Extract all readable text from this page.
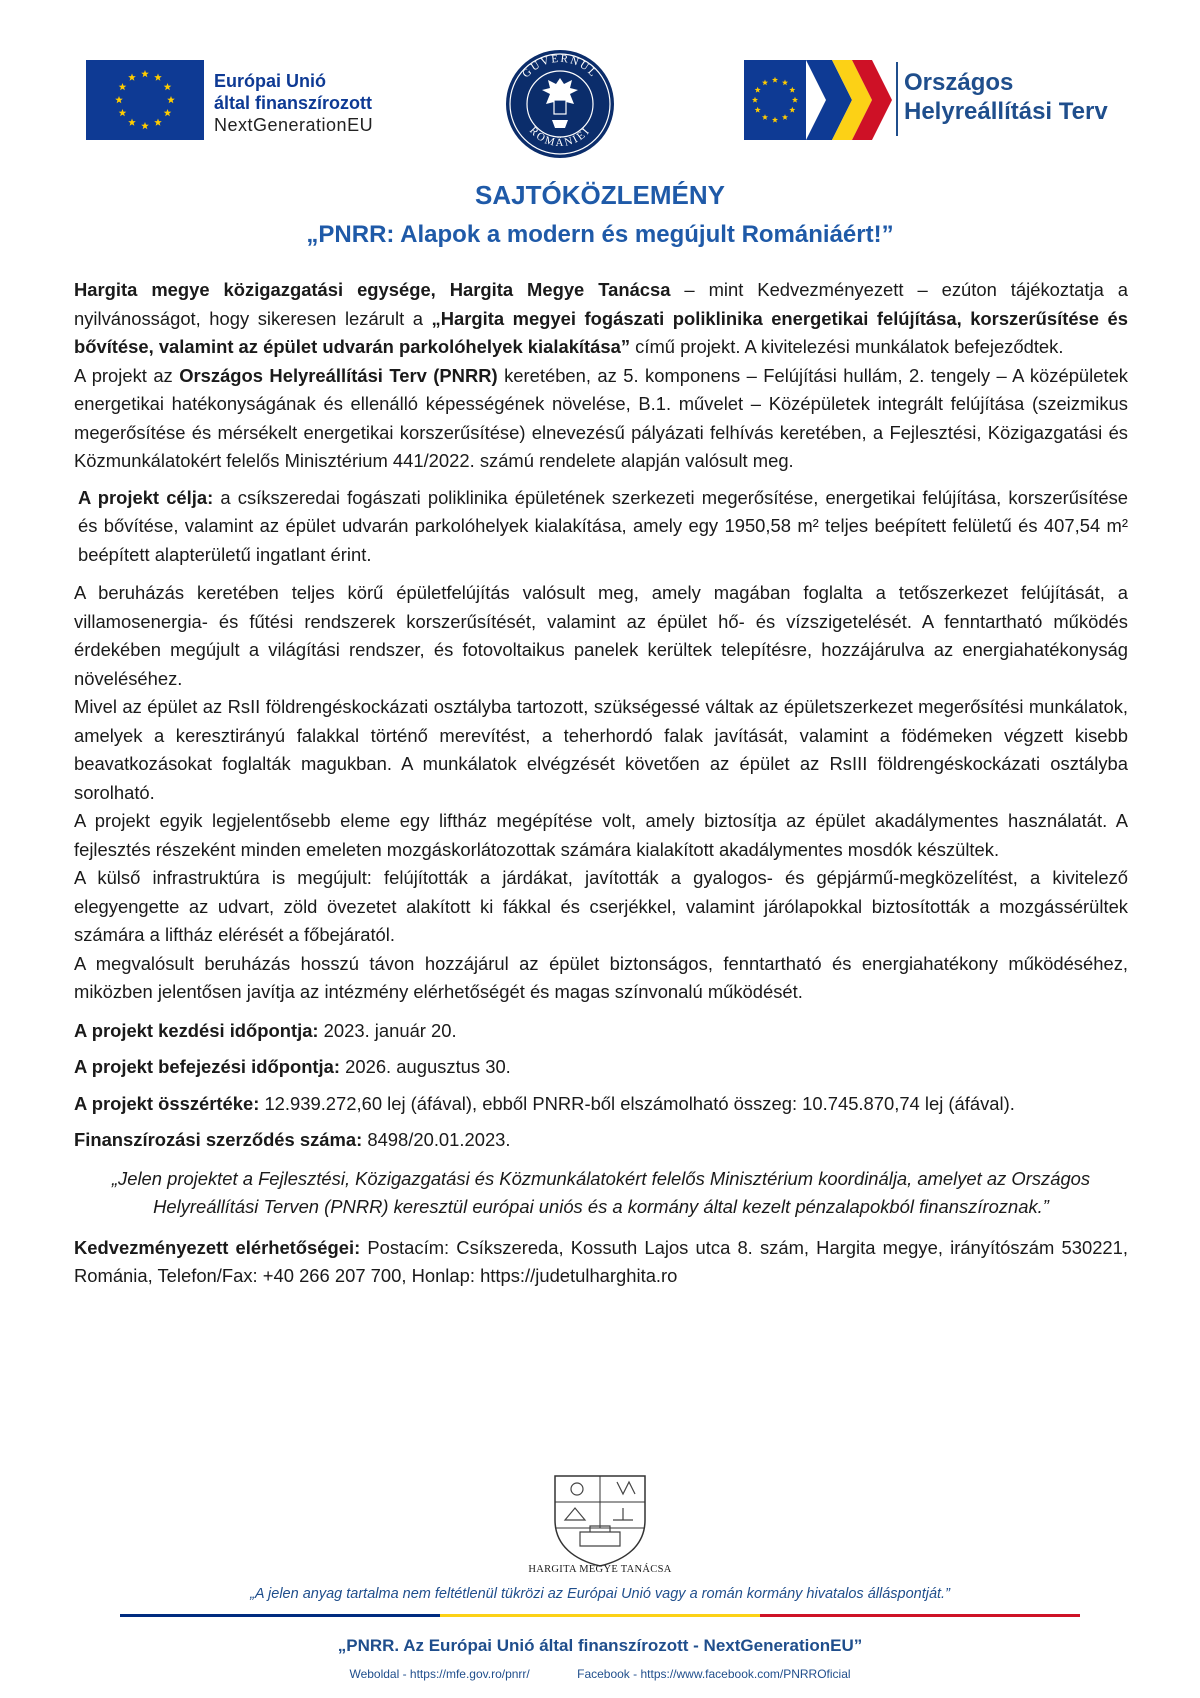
Európai Unió
által finanszírozott
NextGenerationEU
GUVERNUL
ROMÂNIEI
Országos
Helyreállítási Terv
SAJTÓKÖZLEMÉNY
„PNRR: Alapok a modern és megújult Romániáért!”

Hargita megye közigazgatási egysége, Hargita Megye Tanácsa – mint Kedvezményezett – ezúton tájékoztatja a nyilvánosságot, hogy sikeresen lezárult a „Hargita megyei fogászati poliklinika energetikai felújítása, korszerűsítése és bővítése, valamint az épület udvarán parkolóhelyek kialakítása” című projekt. A kivitelezési munkálatok befejeződtek.

A projekt az Országos Helyreállítási Terv (PNRR) keretében, az 5. komponens – Felújítási hullám, 2. tengely – A középületek energetikai hatékonyságának és ellenálló képességének növelése, B.1. művelet – Középületek integrált felújítása (szeizmikus megerősítése és mérsékelt energetikai korszerűsítése) elnevezésű pályázati felhívás keretében, a Fejlesztési, Közigazgatási és Közmunkálatokért felelős Minisztérium 441/2022. számú rendelete alapján valósult meg.

A projekt célja: a csíkszeredai fogászati poliklinika épületének szerkezeti megerősítése, energetikai felújítása, korszerűsítése és bővítése, valamint az épület udvarán parkolóhelyek kialakítása, amely egy 1950,58 m² teljes beépített felületű és 407,54 m² beépített alapterületű ingatlant érint.

A beruházás keretében teljes körű épületfelújítás valósult meg, amely magában foglalta a tetőszerkezet felújítását, a villamosenergia- és fűtési rendszerek korszerűsítését, valamint az épület hő- és vízszigetelését. A fenntartható működés érdekében megújult a világítási rendszer, és fotovoltaikus panelek kerültek telepítésre, hozzájárulva az energiahatékonyság növeléséhez.

Mivel az épület az RsII földrengéskockázati osztályba tartozott, szükségessé váltak az épületszerkezet megerősítési munkálatok, amelyek a keresztirányú falakkal történő merevítést, a teherhordó falak javítását, valamint a födémeken végzett kisebb beavatkozásokat foglalták magukban. A munkálatok elvégzését követően az épület az RsIII földrengéskockázati osztályba sorolható.

A projekt egyik legjelentősebb eleme egy liftház megépítése volt, amely biztosítja az épület akadálymentes használatát. A fejlesztés részeként minden emeleten mozgáskorlátozottak számára kialakított akadálymentes mosdók készültek.

A külső infrastruktúra is megújult: felújították a járdákat, javították a gyalogos- és gépjármű-megközelítést, a kivitelező elegyengette az udvart, zöld övezetet alakított ki fákkal és cserjékkel, valamint járólapokkal biztosították a mozgássérültek számára a liftház elérését a főbejáratól.

A megvalósult beruházás hosszú távon hozzájárul az épület biztonságos, fenntartható és energiahatékony működéséhez, miközben jelentősen javítja az intézmény elérhetőségét és magas színvonalú működését.

A projekt kezdési időpontja: 2023. január 20.

A projekt befejezési időpontja: 2026. augusztus 30.

A projekt összértéke: 12.939.272,60 lej (áfával), ebből PNRR-ből elszámolható összeg: 10.745.870,74 lej (áfával).

Finanszírozási szerződés száma: 8498/20.01.2023.

„Jelen projektet a Fejlesztési, Közigazgatási és Közmunkálatokért felelős Minisztérium koordinálja, amelyet az Országos Helyreállítási Terven (PNRR) keresztül európai uniós és a kormány által kezelt pénzalapokból finanszíroznak.”

Kedvezményezett elérhetőségei: Postacím: Csíkszereda, Kossuth Lajos utca 8. szám, Hargita megye, irányítószám 530221, Románia, Telefon/Fax: +40 266 207 700, Honlap: https://judetulharghita.ro

HARGITA MEGYE TANÁCSA
„A jelen anyag tartalma nem feltétlenül tükrözi az Európai Unió vagy a román kormány hivatalos álláspontját.”
„PNRR. Az Európai Unió által finanszírozott - NextGenerationEU”
Weboldal - https://mfe.gov.ro/pnrr/	Facebook - https://www.facebook.com/PNRROficial
